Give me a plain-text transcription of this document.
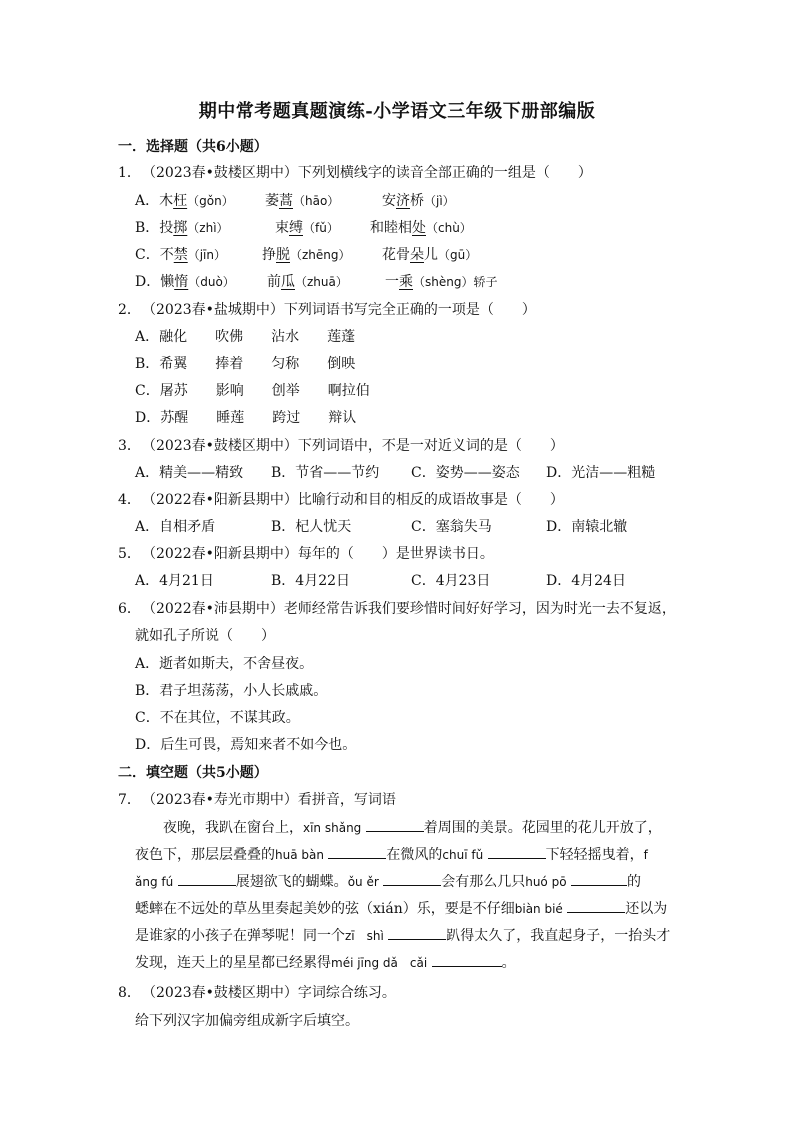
期中常考题真题演练-小学语文三年级下册部编版
一．选择题（共6小题）
1．（2023春•鼓楼区期中）下列划横线字的读音全部正确的一组是（　　）
A．木枉（gǒn） 萎蒿（hāo）	安济桥（jì）
B．投掷（zhì）	束缚（fǔ） 和睦相处（chù）
C．不禁（jīn）	挣脱（zhēng） 花骨朵儿（gū）
D．懒惰（duò） 前瓜（zhuā）	一乘（shèng）轿子
2．（2023春•盐城期中）下列词语书写完全正确的一项是（　　）
A．融化　　吹佛　　沾水　　莲蓬
B．希翼　　捧着　　匀称　　倒映
C．屠苏　　影响　　创举　　啊拉伯
D．苏醒　　睡莲　　跨过　　辩认
3．（2023春•鼓楼区期中）下列词语中，不是一对近义词的是（　　）
A．精美——精致 B．节省——节约 C．姿势——姿态 D．光洁——粗糙
4．（2022春•阳新县期中）比喻行动和目的相反的成语故事是（　　）
A．自相矛盾	B．杞人忧天	C．塞翁失马	D．南辕北辙
5．（2022春•阳新县期中）每年的（　　）是世界读书日。
A．4月21日	B．4月22日	C．4月23日	D．4月24日
6．（2022春•沛县期中）老师经常告诉我们要珍惜时间好好学习，因为时光一去不复返，
就如孔子所说（　　）
A．逝者如斯夫，不舍昼夜。
B．君子坦荡荡，小人长戚戚。
C．不在其位，不谋其政。
D．后生可畏，焉知来者不如今也。
二．填空题（共5小题）
7．（2023春•寿光市期中）看拼音，写词语
　　夜晚，我趴在窗台上，xīn shǎng	着周围的美景。花园里的花儿开放了，
夜色下，那层层叠叠的huā bàn	在微风的chuī fǔ	下轻轻摇曳着，f
ǎng fú	展翅欲飞的蝴蝶。ǒu ěr	会有那么几只huó pō	的
蟋蟀在不远处的草丛里奏起美妙的弦（xián）乐，要是不仔细biàn bié	还以为
是谁家的小孩子在弹琴呢！同一个zī　shì	趴得太久了，我直起身子，一抬头才
发现，连天上的星星都已经累得méi jīng dǎ　cǎi	。
8．（2023春•鼓楼区期中）字词综合练习。
给下列汉字加偏旁组成新字后填空。
